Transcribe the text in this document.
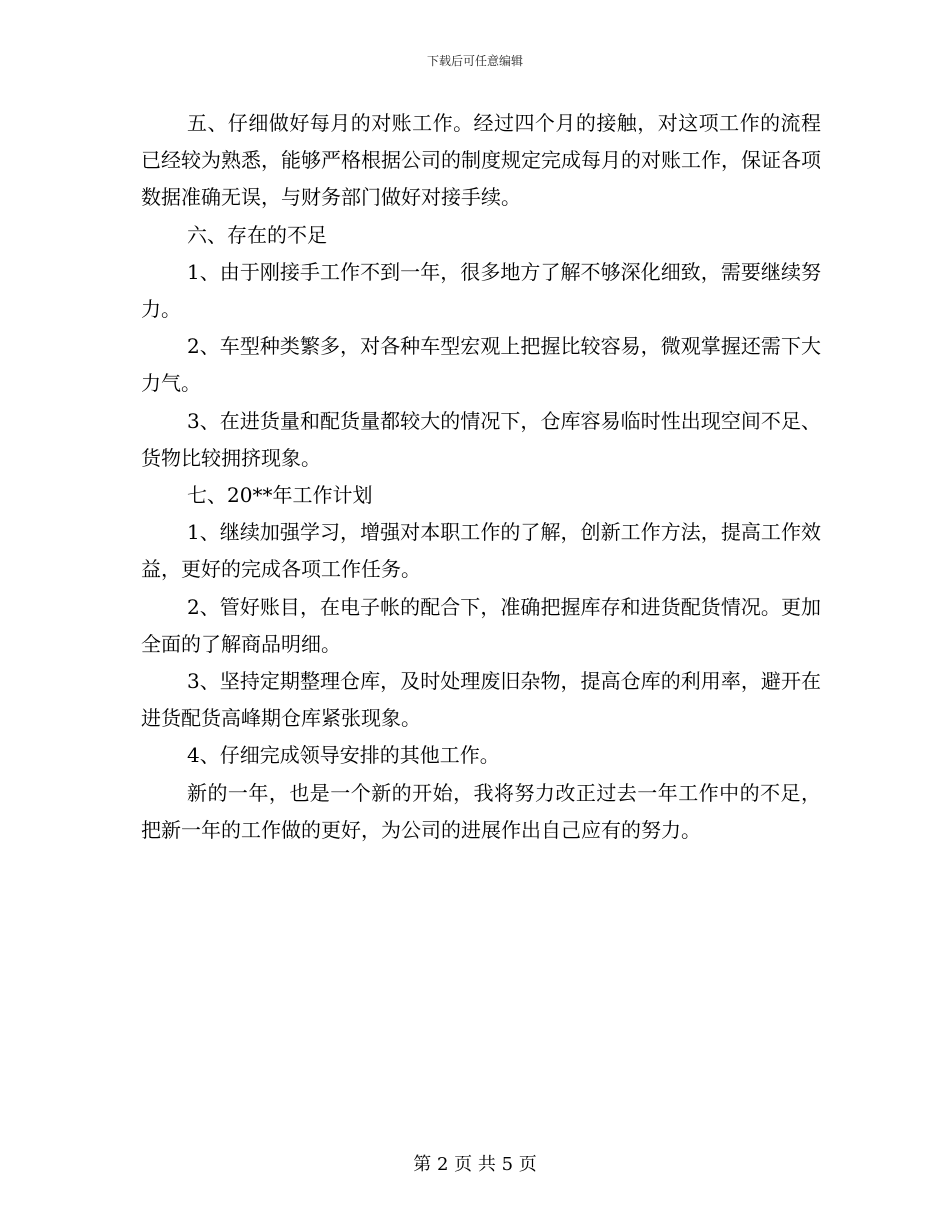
下载后可任意编辑

五、仔细做好每月的对账工作。经过四个月的接触，对这项工作的流程已经较为熟悉，能够严格根据公司的制度规定完成每月的对账工作，保证各项数据准确无误，与财务部门做好对接手续。

六、存在的不足

1、由于刚接手工作不到一年，很多地方了解不够深化细致，需要继续努力。

2、车型种类繁多，对各种车型宏观上把握比较容易，微观掌握还需下大力气。

3、在进货量和配货量都较大的情况下，仓库容易临时性出现空间不足、货物比较拥挤现象。

七、20**年工作计划

1、继续加强学习，增强对本职工作的了解，创新工作方法，提高工作效益，更好的完成各项工作任务。

2、管好账目，在电子帐的配合下，准确把握库存和进货配货情况。更加全面的了解商品明细。

3、坚持定期整理仓库，及时处理废旧杂物，提高仓库的利用率，避开在进货配货高峰期仓库紧张现象。

4、仔细完成领导安排的其他工作。

新的一年，也是一个新的开始，我将努力改正过去一年工作中的不足，把新一年的工作做的更好，为公司的进展作出自己应有的努力。

第 2 页 共 5 页
